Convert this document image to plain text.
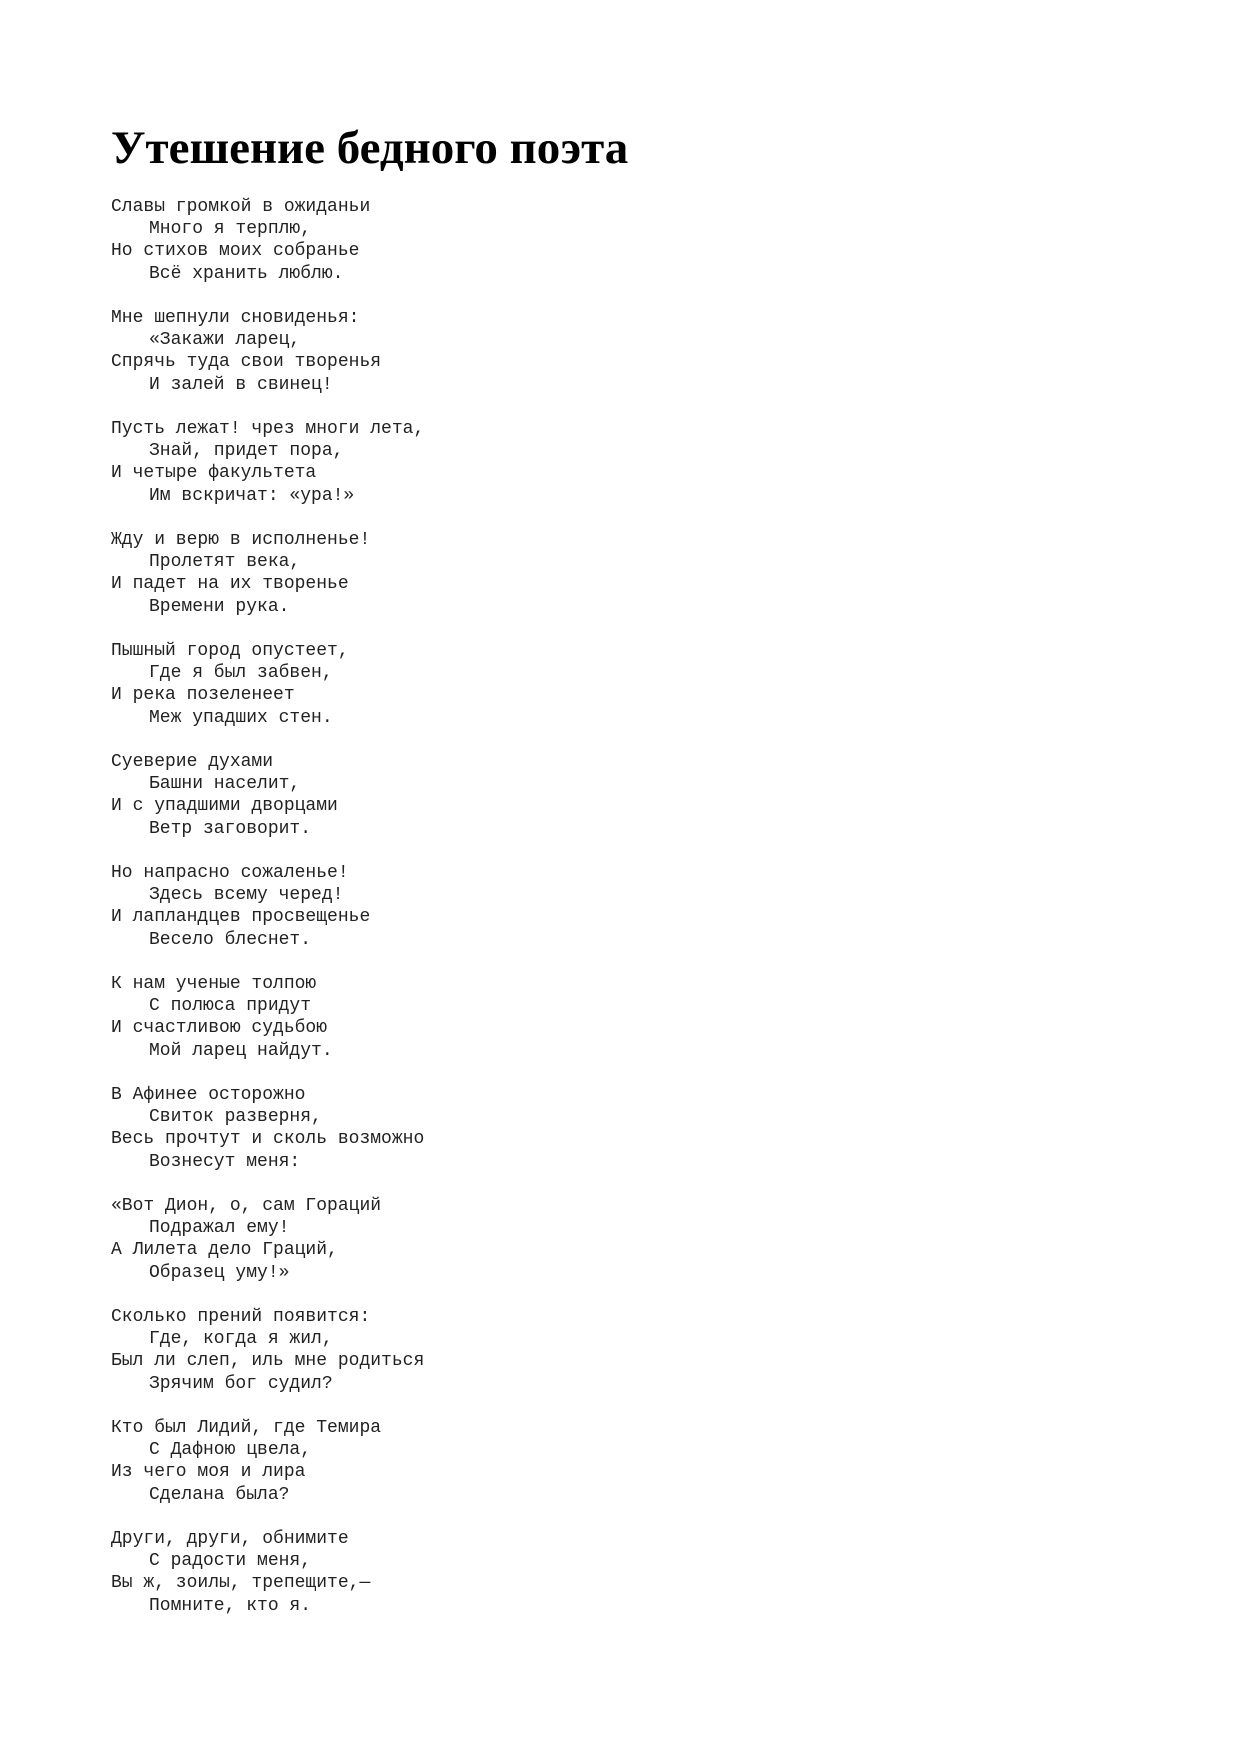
Утешение бедного поэта
Славы громкой в ожиданьи
Много я терплю,
Но стихов моих собранье
Всё хранить люблю.
Мне шепнули сновиденья:
«Закажи ларец,
Спрячь туда свои творенья
И залей в свинец!
Пусть лежат! чрез многи лета,
Знай, придет пора,
И четыре факультета
Им вскричат: «ура!»
Жду и верю в исполненье!
Пролетят века,
И падет на их творенье
Времени рука.
Пышный город опустеет,
Где я был забвен,
И река позеленеет
Меж упадших стен.
Суеверие духами
Башни населит,
И с упадшими дворцами
Ветр заговорит.
Но напрасно сожаленье!
Здесь всему черед!
И лапландцев просвещенье
Весело блеснет.
К нам ученые толпою
С полюса придут
И счастливою судьбою
Мой ларец найдут.
В Афинее осторожно
Свиток разверня,
Весь прочтут и сколь возможно
Вознесут меня:
«Вот Дион, о, сам Гораций
Подражал ему!
А Лилета дело Граций,
Образец уму!»
Сколько прений появится:
Где, когда я жил,
Был ли слеп, иль мне родиться
Зрячим бог судил?
Кто был Лидий, где Темира
С Дафною цвела,
Из чего моя и лира
Сделана была?
Други, други, обнимите
С радости меня,
Вы ж, зоилы, трепещите,—
Помните, кто я.
